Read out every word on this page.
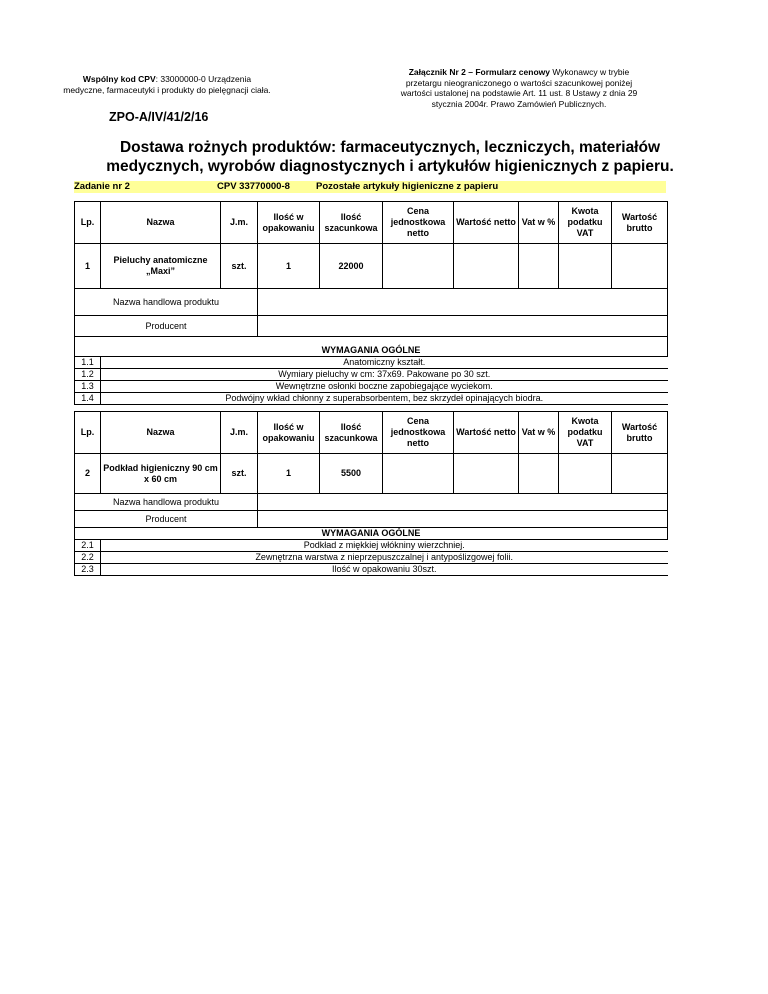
Wspólny kod CPV: 33000000-0 Urządzenia medyczne, farmaceutyki i produkty do pielęgnacji ciała.
Załącznik Nr 2 – Formularz cenowy Wykonawcy w trybie przetargu nieograniczonego o wartości szacunkowej poniżej wartości ustalonej na podstawie Art. 11 ust. 8 Ustawy z dnia 29 stycznia 2004r. Prawo Zamówień Publicznych.
ZPO-A/IV/41/2/16
Dostawa rożnych produktów: farmaceutycznych, leczniczych, materiałów medycznych, wyrobów diagnostycznych i artykułów higienicznych z papieru.
Zadanie nr 2	CPV 33770000-8	Pozostałe artykuły higieniczne z papieru
Lp.	Nazwa	J.m.	Ilość w opakowaniu	Ilość szacunkowa	Cena jednostkowa netto	Wartość netto	Vat w %	Kwota podatku VAT	Wartość brutto
1	Pieluchy anatomiczne „Maxi”	szt.	1	22000					
Nazwa handlowa produktu									
Producent									
WYMAGANIA OGÓLNE									
1.1	Anatomiczny kształt.								
1.2	Wymiary pieluchy w cm: 37x69. Pakowane po 30 szt.								
1.3	Wewnętrzne osłonki boczne zapobiegające wyciekom.								
1.4	Podwójny wkład chłonny z superabsorbentem, bez skrzydeł opinających biodra.								
Lp.	Nazwa	J.m.	Ilość w opakowaniu	Ilość szacunkowa	Cena jednostkowa netto	Wartość netto	Vat w %	Kwota podatku VAT	Wartość brutto
2	Podkład higieniczny 90 cm x 60 cm	szt.	1	5500					
Nazwa handlowa produktu									
Producent									
WYMAGANIA OGÓLNE									
2.1	Podkład z miękkiej włókniny wierzchniej.								
2.2	Zewnętrzna warstwa z nieprzepuszczalnej i antypoślizgowej folii.								
2.3	Ilość w opakowaniu 30szt.								
